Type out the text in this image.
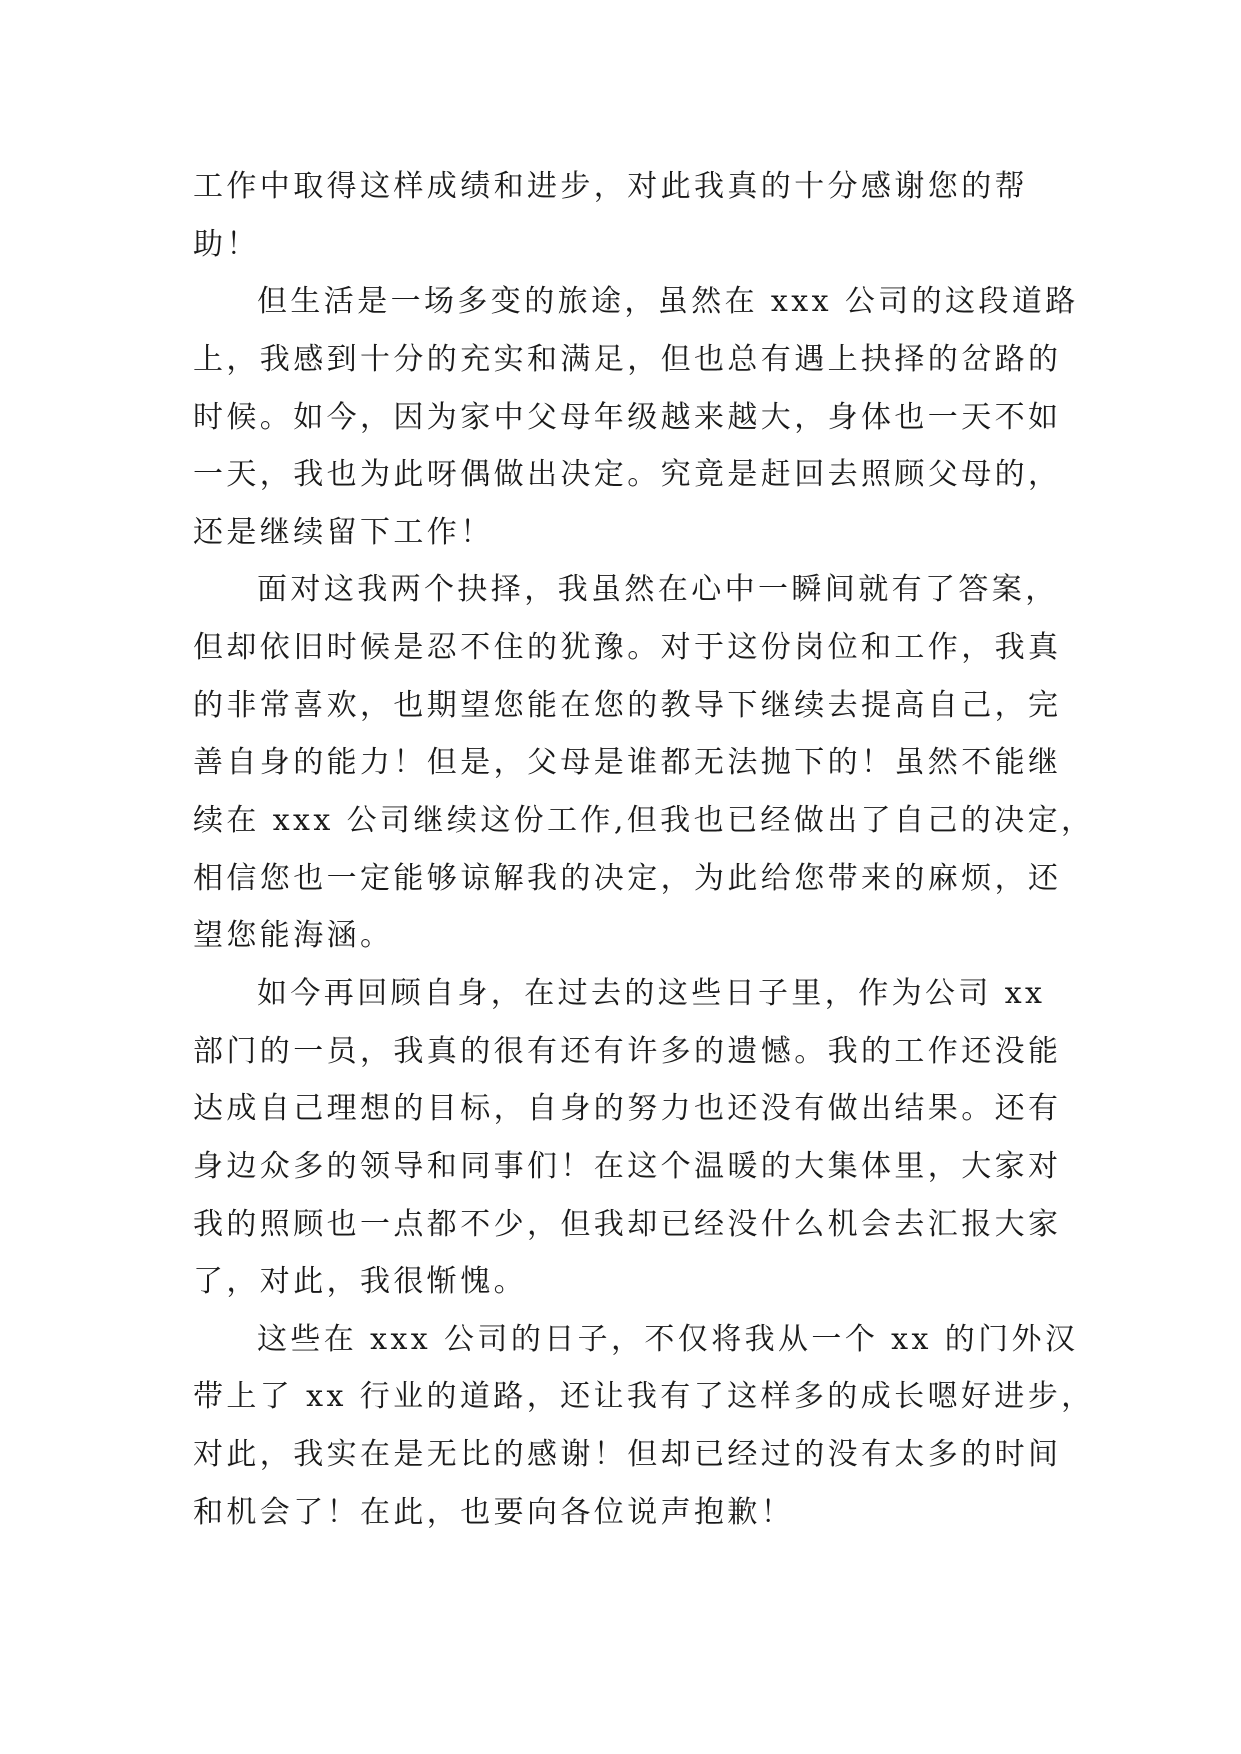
工作中取得这样成绩和进步，对此我真的十分感谢您的帮
助！
但生活是一场多变的旅途，虽然在 xxx 公司的这段道路
上，我感到十分的充实和满足，但也总有遇上抉择的岔路的
时候。如今，因为家中父母年级越来越大，身体也一天不如
一天，我也为此呀偶做出决定。究竟是赶回去照顾父母的，
还是继续留下工作！
面对这我两个抉择，我虽然在心中一瞬间就有了答案，
但却依旧时候是忍不住的犹豫。对于这份岗位和工作，我真
的非常喜欢，也期望您能在您的教导下继续去提高自己，完
善自身的能力！但是，父母是谁都无法抛下的！虽然不能继
续在 xxx 公司继续这份工作,但我也已经做出了自己的决定，
相信您也一定能够谅解我的决定，为此给您带来的麻烦，还
望您能海涵。
如今再回顾自身，在过去的这些日子里，作为公司 xx
部门的一员，我真的很有还有许多的遗憾。我的工作还没能
达成自己理想的目标，自身的努力也还没有做出结果。还有
身边众多的领导和同事们！在这个温暖的大集体里，大家对
我的照顾也一点都不少，但我却已经没什么机会去汇报大家
了，对此，我很惭愧。
这些在 xxx 公司的日子，不仅将我从一个 xx 的门外汉
带上了 xx 行业的道路，还让我有了这样多的成长嗯好进步，
对此，我实在是无比的感谢！但却已经过的没有太多的时间
和机会了！在此，也要向各位说声抱歉！
